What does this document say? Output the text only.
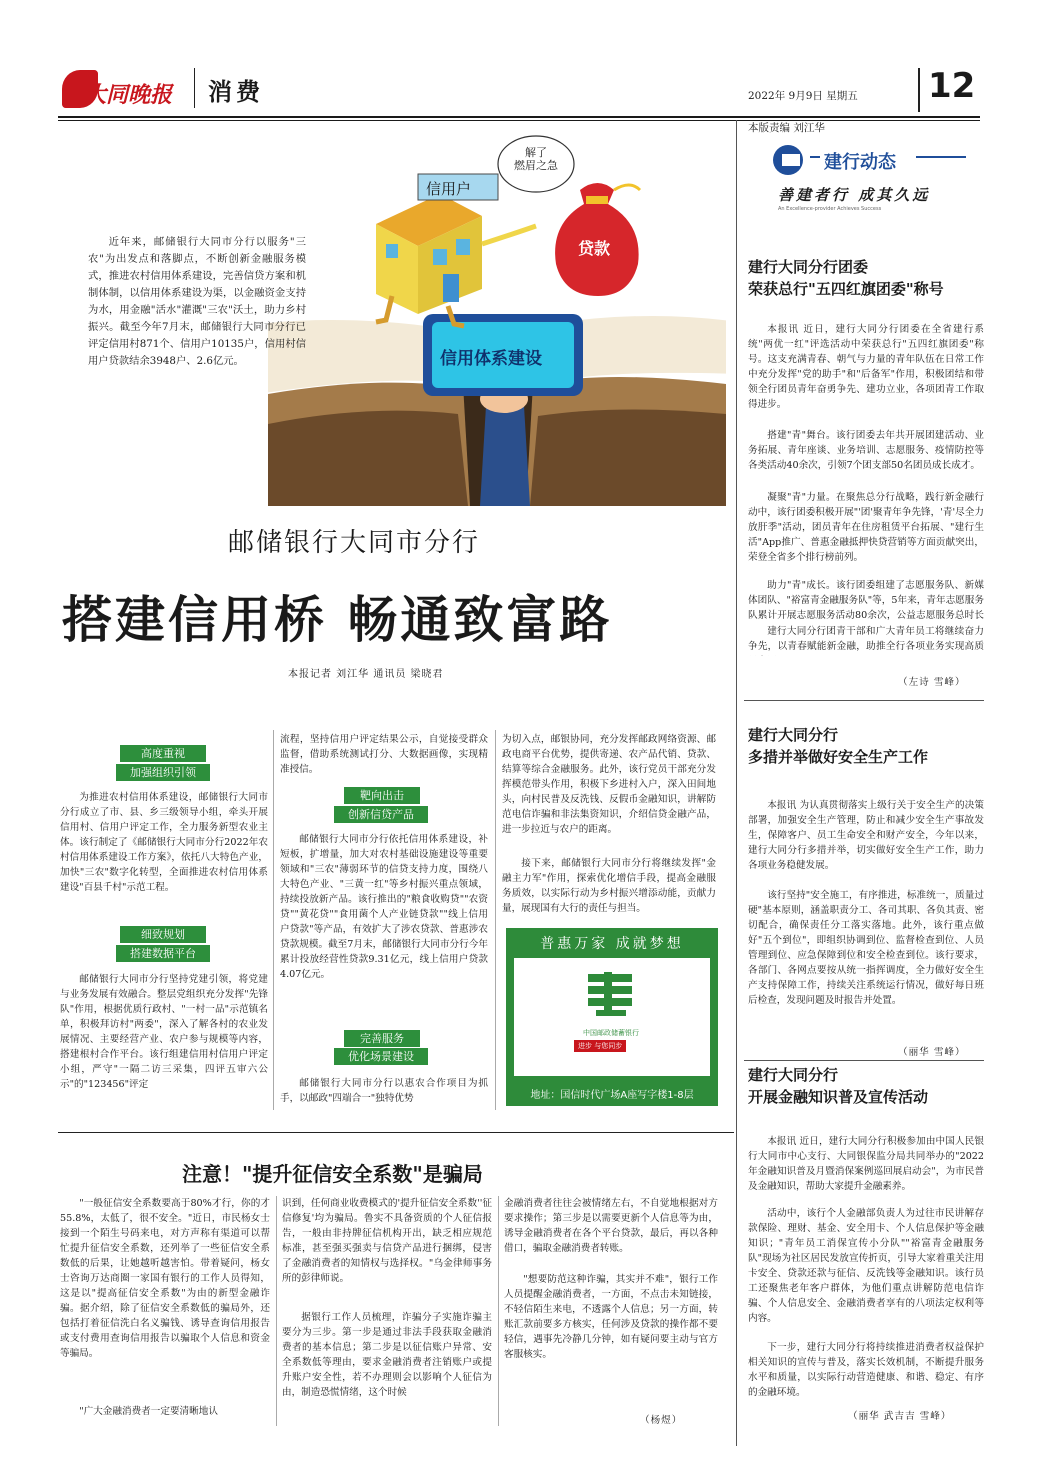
大同晚报 消费	2022年 9月9日 星期五

本版责编 刘江华

12
信用户
解了
燃眉之急
贷款
信用体系建设
近年来，邮储银行大同市分行以服务"三农"为出发点和落脚点，不断创新金融服务模式，推进农村信用体系建设，完善信贷方案和机制体制，以信用体系建设为渠，以金融资金支持为水，用金融"活水"灌溉"三农"沃土，助力乡村振兴。截至今年7月末，邮储银行大同市分行已评定信用村871个、信用户10135户，信用村信用户贷款结余3948户、2.6亿元。
邮储银行大同市分行
搭建信用桥 畅通致富路
本报记者 刘江华 通讯员 梁晓君
高度重视
加强组织引领
为推进农村信用体系建设，邮储银行大同市分行成立了市、县、乡三级领导小组，牵头开展信用村、信用户评定工作，全力服务新型农业主体。该行制定了《邮储银行大同市分行2022年农村信用体系建设工作方案》，依托八大特色产业，加快"三农"数字化转型，全面推进农村信用体系建设"百县千村"示范工程。
细致规划
搭建数据平台
邮储银行大同市分行坚持党建引领，将党建与业务发展有效融合。整层党组织充分发挥"先锋队"作用，根据优质行政村、"一村一品"示范镇名单，积极拜访村"两委"，深入了解各村的农业发展情况、主要经营产业、农户参与规模等内容，搭建根村合作平台。该行组建信用村信用户评定小组，严守"一隔二访三采集，四评五审六公示"的"123456"评定
流程，坚持信用户评定结果公示，自觉接受群众监督，借助系统测试打分、大数据画像，实现精准授信。
靶向出击
创新信贷产品
邮储银行大同市分行依托信用体系建设，补短板，扩增量，加大对农村基础设施建设等重要领域和"三农"薄弱环节的信贷支持力度，围绕八大特色产业、"三黄一红"等乡村振兴重点领域，持续投放新产品。该行推出的"粮食收购贷""农资贷""黄花贷""食用菌个人产业链贷款""线上信用户贷款"等产品，有效扩大了涉农贷款、普惠涉农贷款规模。截至7月末，邮储银行大同市分行今年累计投放经营性贷款9.31亿元，线上信用户贷款4.07亿元。
完善服务
优化场景建设
邮储银行大同市分行以惠农合作项目为抓手，以邮政"四端合一"独特优势
为切入点，邮银协同，充分发挥邮政网络资源、邮政电商平台优势，提供寄递、农产品代销、贷款、结算等综合金融服务。此外，该行党员干部充分发挥模范带头作用，积极下乡进村入户，深入田间地头，向村民普及反洗钱、反假币金融知识，讲解防范电信诈骗和非法集资知识，介绍信贷金融产品，进一步拉近与农户的距离。
接下来，邮储银行大同市分行将继续发挥"金融主力军"作用，探索优化增信手段，提高金融服务质效，以实际行动为乡村振兴增添动能，贡献力量，展现国有大行的责任与担当。
普惠万家 成就梦想
中国邮政储蓄银行
进步 与您同步
地址：国信时代广场A座写字楼1-8层
建行动态
善建者行 成其久远
An Excellence-provider Achieves Success
建行大同分行团委
荣获总行"五四红旗团委"称号
本报讯 近日，建行大同分行团委在全省建行系统"两优一红"评选活动中荣获总行"五四红旗团委"称号。这支充满青春、朝气与力量的青年队伍在日常工作中充分发挥"党的助手"和"后备军"作用，积极团结和带领全行团员青年奋勇争先、建功立业，各项团青工作取得进步。
搭建"青"舞台。该行团委去年共开展团建活动、业务拓展、青年座谈、业务培训、志愿服务、疫情防控等各类活动40余次，引领7个团支部50名团员成长成才。
凝聚"青"力量。在聚焦总分行战略，践行新金融行动中，该行团委积极开展"'团'聚青年争先锋，'青'尽全力放肝季"活动，团员青年在住房租赁平台拓展、"建行生活"App推广、普惠金融抵押快贷营销等方面贡献突出，荣登全省多个排行榜前列。
助力"青"成长。该行团委组建了志愿服务队、新媒体团队、"裕富青金融服务队"等，5年来，青年志愿服务队累计开展志愿服务活动80余次，公益志愿服务总时长
建行大同分行团青干部和广大青年员工将继续奋力争先，以青春赋能新金融，助推全行各项业务实现高质
（左诗 雪峰）
建行大同分行
多措并举做好安全生产工作
本报讯 为认真贯彻落实上级行关于安全生产的决策部署，加强安全生产管理，防止和减少安全生产事故发生，保障客户、员工生命安全和财产安全，今年以来，建行大同分行多措并举，切实做好安全生产工作，助力各项业务稳健发展。
该行坚持"安全施工，有序推进，标准统一，质量过硬"基本原则，涵盖职责分工、各司其职、各负其责、密切配合，确保责任分工落实落地。此外，该行重点做好"五个到位"，即组织协调到位、监督检查到位、人员管理到位、应急保障到位和安全检查到位。该行要求，各部门、各网点要按从统一指挥调度，全力做好安全生产支持保障工作，持续关注系统运行情况，做好每日班后检查，发现问题及时报告并处置。
（丽华 雪峰）
建行大同分行
开展金融知识普及宣传活动
本报讯 近日，建行大同分行积极参加由中国人民银行大同市中心支行、大同银保监分局共同举办的"2022年金融知识普及月暨消保案例巡回展启动会"，为市民普及金融知识，帮助大家提升金融素养。
活动中，该行个人金融部负责人为过往市民讲解存款保险、理财、基金、安全用卡、个人信息保护等金融知识；"青年员工消保宣传小分队""裕富青金融服务队"现场为社区居民发放宣传折页，引导大家着重关注用卡安全、贷款还款与征信、反洗钱等金融知识。该行员工还聚焦老年客户群体，为他们重点讲解防范电信诈骗、个人信息安全、金融消费者享有的八项法定权利等内容。
下一步，建行大同分行将持续推进消费者权益保护相关知识的宣传与普及，落实长效机制，不断提升服务水平和质量，以实际行动营造健康、和谐、稳定、有序的金融环境。
（丽华 武吉吉 雪峰）
注意！"提升征信安全系数"是骗局
"一般征信安全系数要高于80%才行，你的才55.8%，太低了，很不安全。"近日，市民杨女士接到一个陌生号码来电，对方声称有渠道可以帮忙提升征信安全系数，还列举了一些征信安全系数低的后果，让她越听越害怕。带着疑问，杨女士咨询万达商圈一家国有银行的工作人员得知，这是以"提高征信安全系数"为由的新型金融诈骗。据介绍，除了征信安全系数低的骗局外，还包括打着征信洗白名义骗钱、诱导查询信用报告或支付费用查询信用报告以骗取个人信息和资金等骗局。
"广大金融消费者一定要清晰地认
识到，任何商业收费模式的'提升征信安全系数''征信修复'均为骗局。鲁实不具备资质的个人征信报告，一般由非持牌征信机构开出，缺乏相应规范标准，甚至强买强卖与信贷产品进行捆绑，侵害了金融消费者的知情权与选择权。"乌金律师事务所的彭律师说。
据银行工作人员梳理，诈骗分子实施诈骗主要分为三步。第一步是通过非法手段获取金融消费者的基本信息；第二步是以征信账户异常、安全系数低等理由，要求金融消费者注销账户或提升账户安全性，若不办理则会以影响个人征信为由，制造恐慌情绪，这个时候
金融消费者往往会被情绪左右，不自觉地根据对方要求操作；第三步是以需要更新个人信息等为由，诱导金融消费者在各个平台贷款，最后，再以各种借口，骗取金融消费者转账。
"想要防范这种诈骗，其实并不难"，银行工作人员提醒金融消费者，一方面，不点击未知链接，不轻信陌生来电，不透露个人信息；另一方面，转账汇款前要多方核实，任何涉及贷款的操作都不要轻信，遇事先冷静几分钟，如有疑问要主动与官方客服核实。
（杨煜）
